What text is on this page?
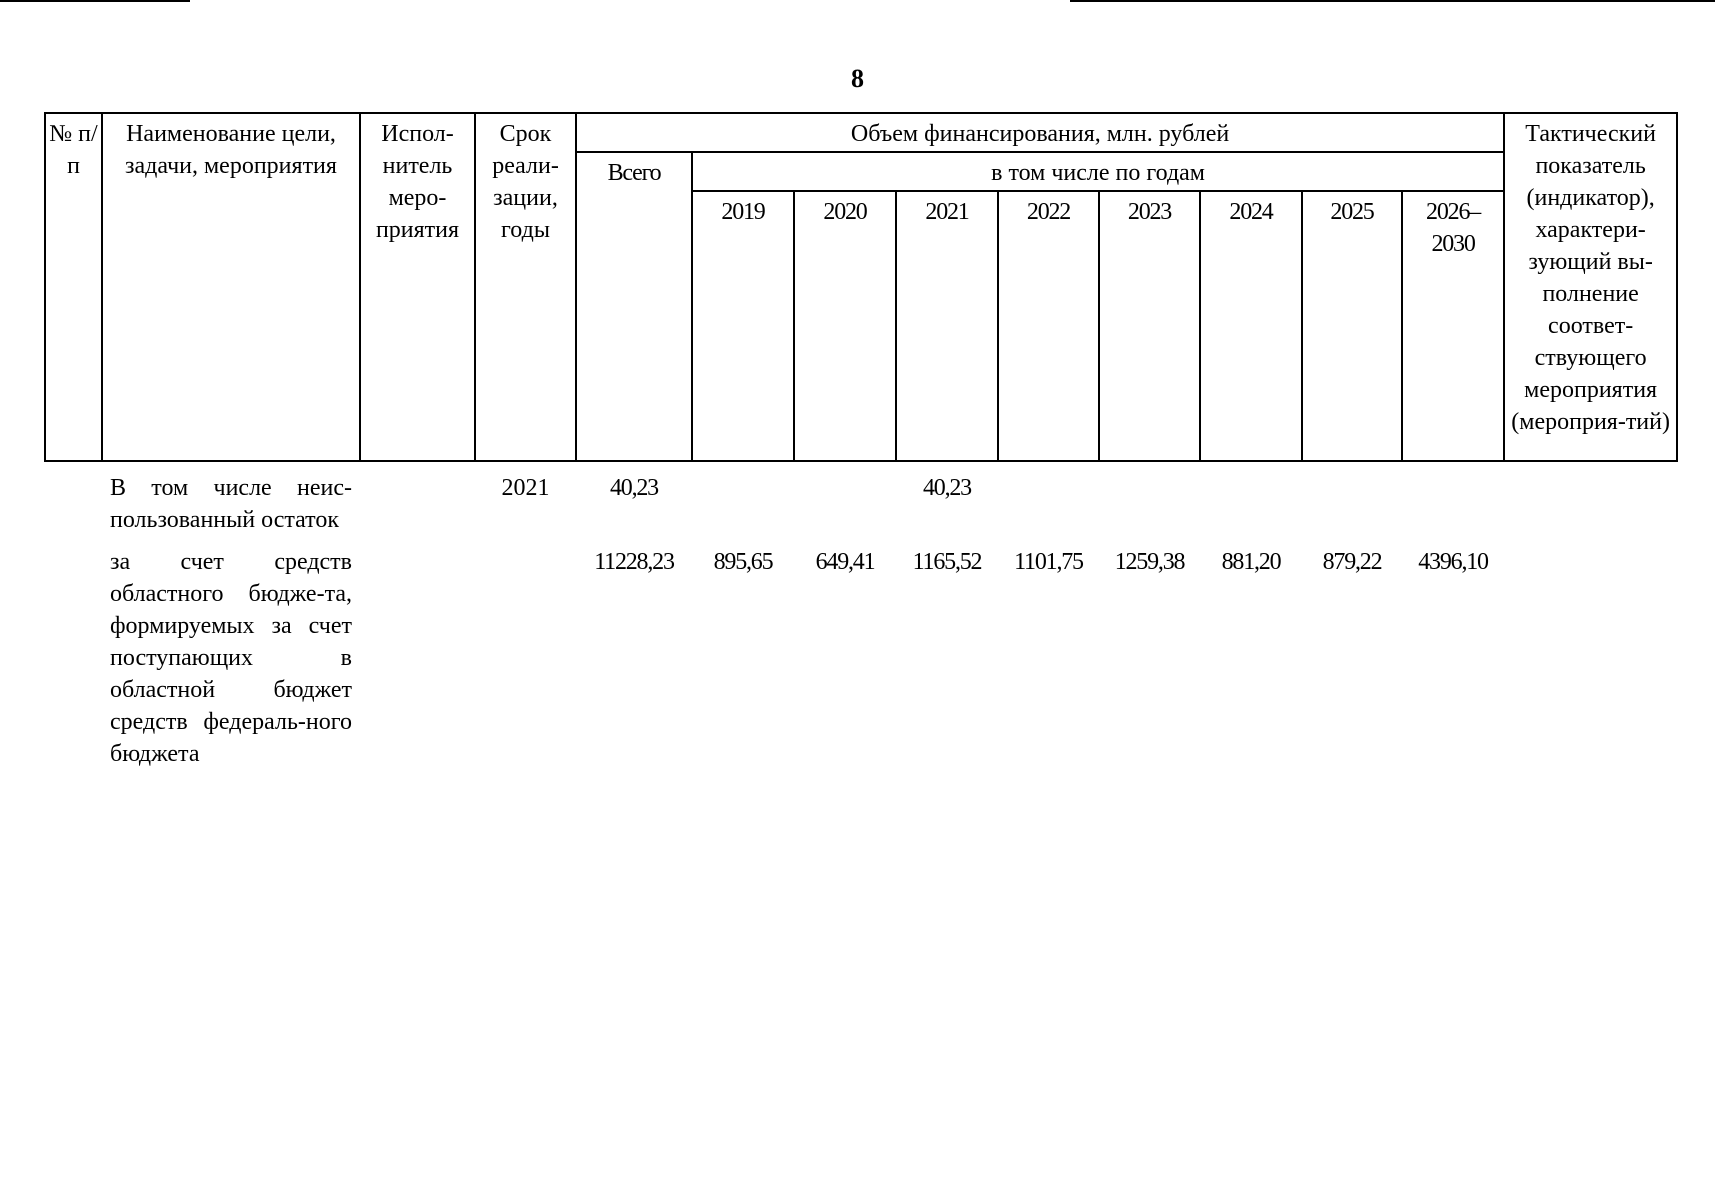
8
№ п/п	Наименование цели, задачи, мероприятия	Испол-нитель меро-приятия	Срок реали-зации, годы	Объем финансирования, млн. рублей									Тактический показатель (индикатор), характери-зующий вы-полнение соответ-ствующего мероприятия (мероприя-тий)
				Всего	в том числе по годам								
					2019	2020	2021	2022	2023	2024	2025	2026–
2030	

	В том числе неис-пользованный остаток		2021	40,23			40,23						

	за счет средств областного бюдже-та, формируемых за счет поступающих в областной бюджет средств федераль-ного бюджета			11228,23	895,65	649,41	1165,52	1101,75	1259,38	881,20	879,22	4396,10	
